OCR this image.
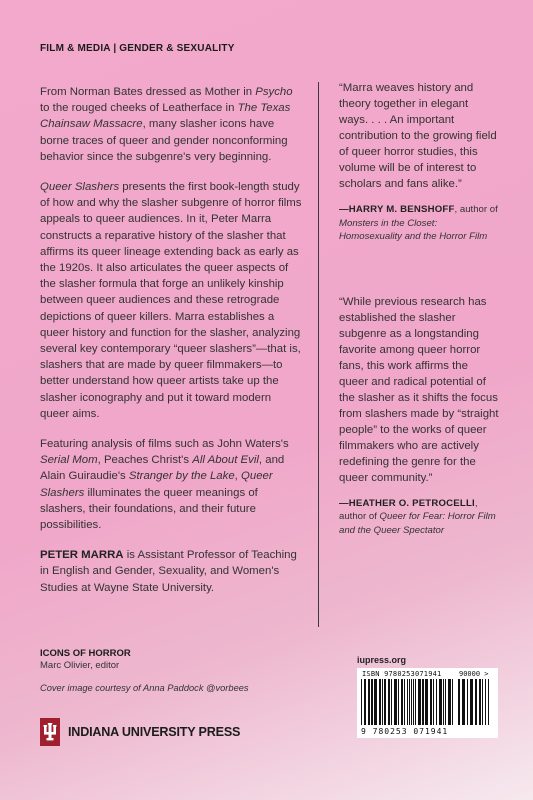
FILM & MEDIA | GENDER & SEXUALITY

From Norman Bates dressed as Mother in Psycho to the rouged cheeks of Leatherface in The Texas Chainsaw Massacre, many slasher icons have borne traces of queer and gender nonconforming behavior since the subgenre's very beginning.

Queer Slashers presents the first book-length study of how and why the slasher subgenre of horror films appeals to queer audiences. In it, Peter Marra constructs a reparative history of the slasher that affirms its queer lineage extending back as early as the 1920s. It also articulates the queer aspects of the slasher formula that forge an unlikely kinship between queer audiences and these retrograde depictions of queer killers. Marra establishes a queer history and function for the slasher, analyzing several key contemporary “queer slashers”—that is, slashers that are made by queer filmmakers—to better understand how queer artists take up the slasher iconography and put it toward modern queer aims.

Featuring analysis of films such as John Waters's Serial Mom, Peaches Christ's All About Evil, and Alain Guiraudie's Stranger by the Lake, Queer Slashers illuminates the queer meanings of slashers, their foundations, and their future possibilities.

PETER MARRA is Assistant Professor of Teaching in English and Gender, Sexuality, and Women's Studies at Wayne State University.

“Marra weaves history and theory together in elegant ways. . . . An important contribution to the growing field of queer horror studies, this volume will be of interest to scholars and fans alike.”

—HARRY M. BENSHOFF, author of Monsters in the Closet: Homosexuality and the Horror Film

“While previous research has established the slasher subgenre as a longstanding favorite among queer horror fans, this work affirms the queer and radical potential of the slasher as it shifts the focus from slashers made by “straight people” to the works of queer filmmakers who are actively redefining the genre for the queer community.”

—HEATHER O. PETROCELLI, author of Queer for Fear: Horror Film and the Queer Spectator
ICONS OF HORROR
Marc Olivier, editor
Cover image courtesy of Anna Paddock @vorbees
INDIANA UNIVERSITY PRESS
iupress.org
ISBN 9780253071941	90000 >
9 780253 071941
